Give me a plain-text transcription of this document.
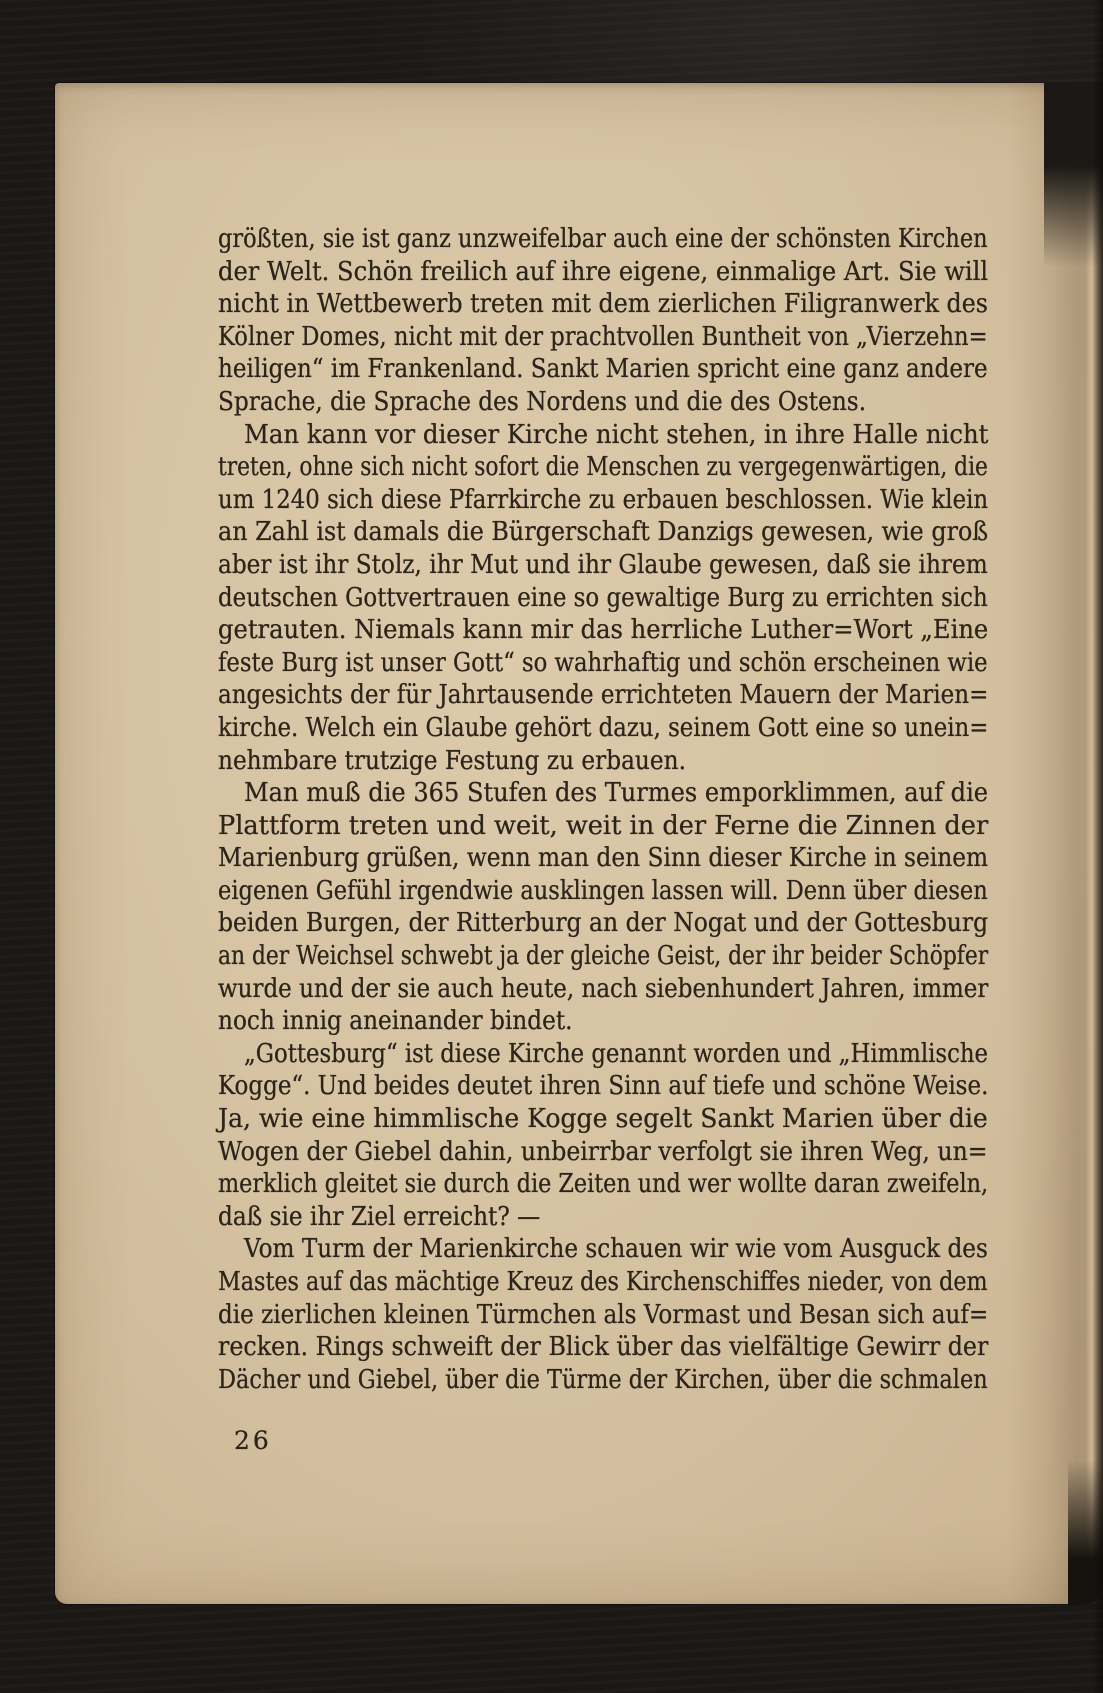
größten, sie ist ganz unzweifelbar auch eine der schönsten Kirchen
der Welt. Schön freilich auf ihre eigene, einmalige Art. Sie will
nicht in Wettbewerb treten mit dem zierlichen Filigranwerk des
Kölner Domes, nicht mit der prachtvollen Buntheit von „Vierzehn=
heiligen“ im Frankenland. Sankt Marien spricht eine ganz andere
Sprache, die Sprache des Nordens und die des Ostens.
Man kann vor dieser Kirche nicht stehen, in ihre Halle nicht
treten, ohne sich nicht sofort die Menschen zu vergegenwärtigen, die
um 1240 sich diese Pfarrkirche zu erbauen beschlossen. Wie klein
an Zahl ist damals die Bürgerschaft Danzigs gewesen, wie groß
aber ist ihr Stolz, ihr Mut und ihr Glaube gewesen, daß sie ihrem
deutschen Gottvertrauen eine so gewaltige Burg zu errichten sich
getrauten. Niemals kann mir das herrliche Luther=Wort „Eine
feste Burg ist unser Gott“ so wahrhaftig und schön erscheinen wie
angesichts der für Jahrtausende errichteten Mauern der Marien=
kirche. Welch ein Glaube gehört dazu, seinem Gott eine so unein=
nehmbare trutzige Festung zu erbauen.
Man muß die 365 Stufen des Turmes emporklimmen, auf die
Plattform treten und weit, weit in der Ferne die Zinnen der
Marienburg grüßen, wenn man den Sinn dieser Kirche in seinem
eigenen Gefühl irgendwie ausklingen lassen will. Denn über diesen
beiden Burgen, der Ritterburg an der Nogat und der Gottesburg
an der Weichsel schwebt ja der gleiche Geist, der ihr beider Schöpfer
wurde und der sie auch heute, nach siebenhundert Jahren, immer
noch innig aneinander bindet.
„Gottesburg“ ist diese Kirche genannt worden und „Himmlische
Kogge“. Und beides deutet ihren Sinn auf tiefe und schöne Weise.
Ja, wie eine himmlische Kogge segelt Sankt Marien über die
Wogen der Giebel dahin, unbeirrbar verfolgt sie ihren Weg, un=
merklich gleitet sie durch die Zeiten und wer wollte daran zweifeln,
daß sie ihr Ziel erreicht? —
Vom Turm der Marienkirche schauen wir wie vom Ausguck des
Mastes auf das mächtige Kreuz des Kirchenschiffes nieder, von dem
die zierlichen kleinen Türmchen als Vormast und Besan sich auf=
recken. Rings schweift der Blick über das vielfältige Gewirr der
Dächer und Giebel, über die Türme der Kirchen, über die schmalen
26
